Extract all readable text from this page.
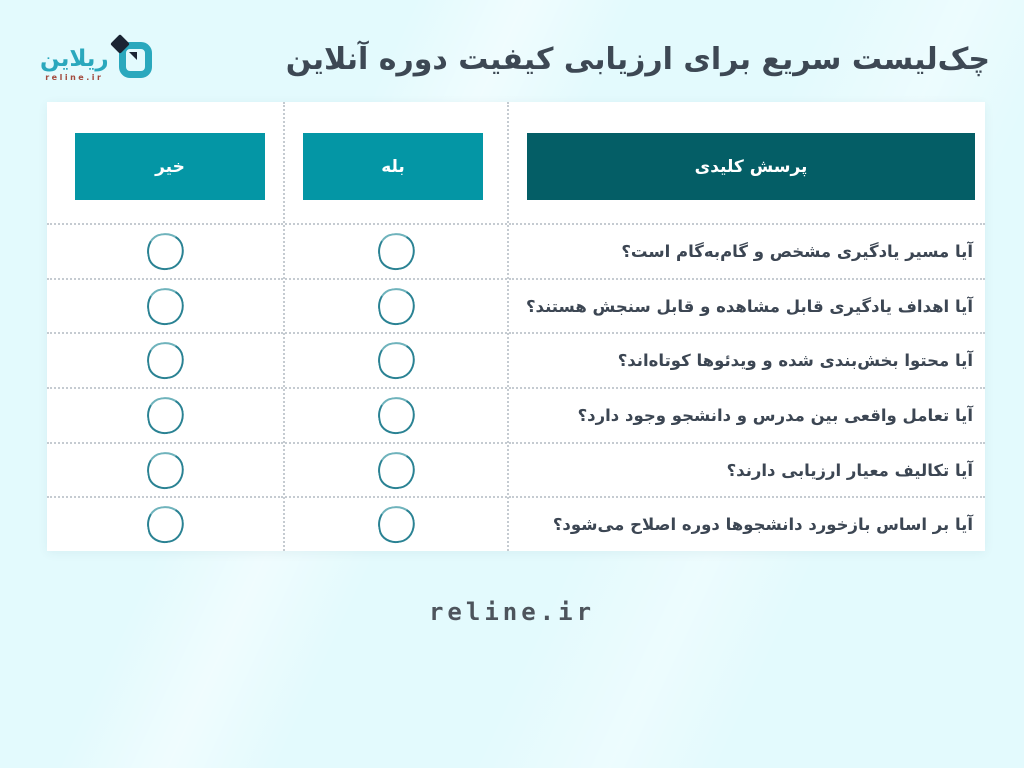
ریلاین
reline.ir
چک‌لیست سریع برای ارزیابی کیفیت دوره آنلاین
پرسش کلیدی
آیا مسیر یادگیری مشخص و گام‌به‌گام است؟
آیا اهداف یادگیری قابل مشاهده و قابل سنجش هستند؟
آیا محتوا بخش‌بندی شده و ویدئوها کوتاه‌اند؟
آیا تعامل واقعی بین مدرس و دانشجو وجود دارد؟
آیا تکالیف معیار ارزیابی دارند؟
آیا بر اساس بازخورد دانشجوها دوره اصلاح می‌شود؟
بله
خیر
reline.ir
